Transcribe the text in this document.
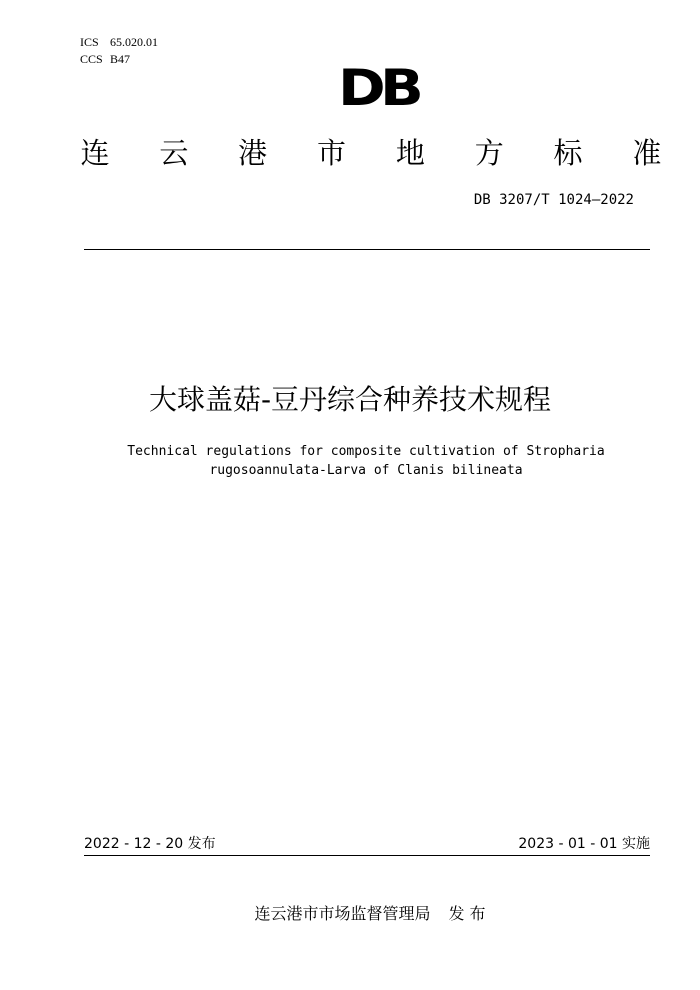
ICS 65.020.01
CCS B47	DB
连 云 港 市 地 方 标 准
DB 3207/T 1024—2022
大球盖菇-豆丹综合种养技术规程
Technical regulations for composite cultivation of Stropharia
rugosoannulata-Larva of Clanis bilineata
2022 - 12 - 20 发布	2023 - 01 - 01 实施
连云港市市场监督管理局 发 布
